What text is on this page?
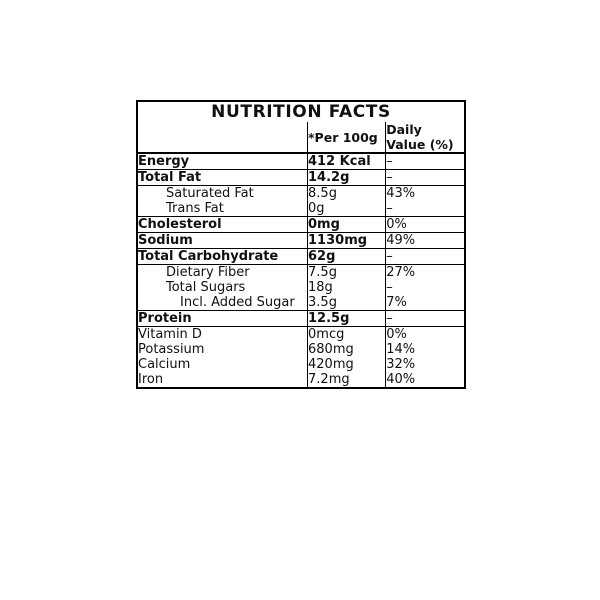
NUTRITION FACTS		
	*Per 100g	Daily Value (%)
Energy	412 Kcal	–
Total Fat	14.2g	–
Saturated Fat	8.5g	43%
Trans Fat	0g	–
Cholesterol	0mg	0%
Sodium	1130mg	49%
Total Carbohydrate	62g	–
Dietary Fiber	7.5g	27%
Total Sugars	18g	–
Incl. Added Sugar	3.5g	7%
Protein	12.5g	–
Vitamin D	0mcg	0%
Potassium	680mg	14%
Calcium	420mg	32%
Iron	7.2mg	40%
